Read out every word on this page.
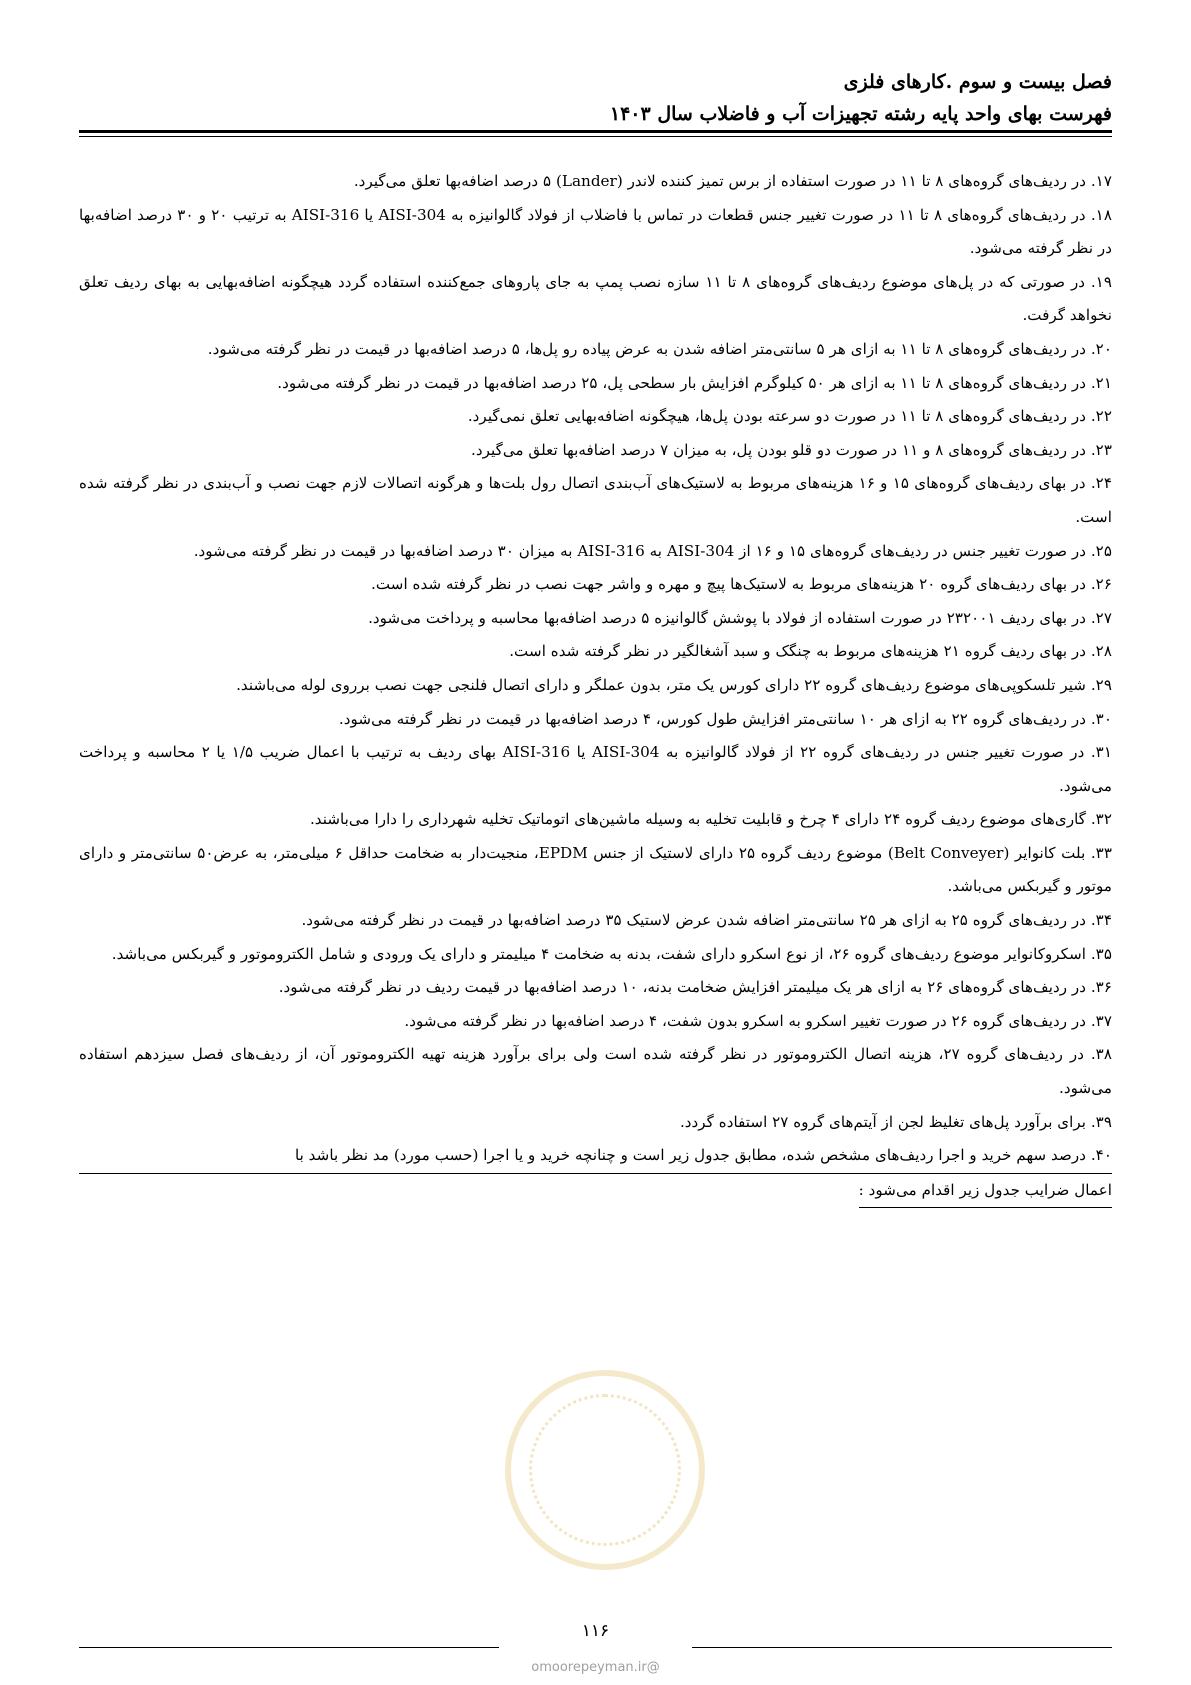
فصل بیست و سوم .کارهای فلزی
فهرست بهای واحد پایه رشته تجهیزات آب و فاضلاب سال ۱۴۰۳
۱۷. در ردیف‌های گروه‌های ۸ تا ۱۱ در صورت استفاده از برس تمیز کننده لاندر (Lander) ۵ درصد اضافه‌بها تعلق می‌گیرد.
۱۸. در ردیف‌های گروه‌های ۸ تا ۱۱ در صورت تغییر جنس قطعات در تماس با فاضلاب از فولاد گالوانیزه به AISI-304 یا AISI-316 به ترتیب ۲۰ و ۳۰ درصد اضافه‌بها در نظر گرفته می‌شود.
۱۹. در صورتی که در پل‌های موضوع ردیف‌های گروه‌های ۸ تا ۱۱ سازه نصب پمپ به جای پاروهای جمع‌کننده استفاده گردد هیچگونه اضافه‌بهایی به بهای ردیف تعلق نخواهد گرفت.
۲۰. در ردیف‌های گروه‌های ۸ تا ۱۱ به ازای هر ۵ سانتی‌متر اضافه شدن به عرض پیاده رو پل‌ها، ۵ درصد اضافه‌بها در قیمت در نظر گرفته می‌شود.
۲۱. در ردیف‌های گروه‌های ۸ تا ۱۱ به ازای هر ۵۰ کیلوگرم افزایش بار سطحی پل، ۲۵ درصد اضافه‌بها در قیمت در نظر گرفته می‌شود.
۲۲. در ردیف‌های گروه‌های ۸ تا ۱۱ در صورت دو سرعته بودن پل‌ها، هیچگونه اضافه‌بهایی تعلق نمی‌گیرد.
۲۳. در ردیف‌های گروه‌های ۸ و ۱۱ در صورت دو قلو بودن پل، به میزان ۷ درصد اضافه‌بها تعلق می‌گیرد.
۲۴. در بهای ردیف‌های گروه‌های ۱۵ و ۱۶ هزینه‌های مربوط به لاستیک‌های آب‌بندی اتصال رول بلت‌ها و هرگونه اتصالات لازم جهت نصب و آب‌بندی در نظر گرفته شده است.
۲۵. در صورت تغییر جنس در ردیف‌های گروه‌های ۱۵ و ۱۶ از AISI-304 به AISI-316 به میزان ۳۰ درصد اضافه‌بها در قیمت در نظر گرفته می‌شود.
۲۶. در بهای ردیف‌های گروه ۲۰ هزینه‌های مربوط به لاستیک‌ها پیچ و مهره و واشر جهت نصب در نظر گرفته شده است.
۲۷. در بهای ردیف ۲۳۲۰۰۱ در صورت استفاده از فولاد با پوشش گالوانیزه ۵ درصد اضافه‌بها محاسبه و پرداخت می‌شود.
۲۸. در بهای ردیف گروه ۲۱ هزینه‌های مربوط به چنگک و سبد آشغالگیر در نظر گرفته شده است.
۲۹. شیر تلسکوپی‌های موضوع ردیف‌های گروه ۲۲ دارای کورس یک متر، بدون عملگر و دارای اتصال فلنجی جهت نصب برروی لوله می‌باشند.
۳۰. در ردیف‌های گروه ۲۲ به ازای هر ۱۰ سانتی‌متر افزایش طول کورس، ۴ درصد اضافه‌بها در قیمت در نظر گرفته می‌شود.
۳۱. در صورت تغییر جنس در ردیف‌های گروه ۲۲ از فولاد گالوانیزه به AISI-304 یا AISI-316 بهای ردیف به ترتیب با اعمال ضریب ۱/۵ یا ۲ محاسبه و پرداخت می‌شود.
۳۲. گاری‌های موضوع ردیف گروه ۲۴ دارای ۴ چرخ و قابلیت تخلیه به وسیله ماشین‌های اتوماتیک تخلیه شهرداری را دارا می‌باشند.
۳۳. بلت کانوایر (Belt Conveyer) موضوع ردیف گروه ۲۵ دارای لاستیک از جنس EPDM، منجیت‌دار به ضخامت حداقل ۶ میلی‌متر، به عرض۵۰ سانتی‌متر و دارای موتور و گیربکس می‌باشد.
۳۴. در ردیف‌های گروه ۲۵ به ازای هر ۲۵ سانتی‌متر اضافه شدن عرض لاستیک ۳۵ درصد اضافه‌بها در قیمت در نظر گرفته می‌شود.
۳۵. اسکروکانوایر موضوع ردیف‌های گروه ۲۶، از نوع اسکرو دارای شفت، بدنه به ضخامت ۴ میلیمتر و دارای یک ورودی و شامل الکتروموتور و گیربکس می‌باشد.
۳۶. در ردیف‌های گروه‌های ۲۶ به ازای هر یک میلیمتر افزایش ضخامت بدنه، ۱۰ درصد اضافه‌بها در قیمت ردیف در نظر گرفته می‌شود.
۳۷. در ردیف‌های گروه ۲۶ در صورت تغییر اسکرو به اسکرو بدون شفت، ۴ درصد اضافه‌بها در نظر گرفته می‌شود.
۳۸. در ردیف‌های گروه ۲۷، هزینه اتصال الکتروموتور در نظر گرفته شده است ولی برای برآورد هزینه تهیه الکتروموتور آن، از ردیف‌های فصل سیزدهم استفاده می‌شود.
۳۹. برای برآورد پل‌های تغلیظ لجن از آیتم‌های گروه ۲۷ استفاده گردد.
۴۰. درصد سهم خرید و اجرا ردیف‌های مشخص شده، مطابق جدول زیر است و چنانچه خرید و یا اجرا (حسب مورد) مد نظر باشد با
اعمال ضرایب جدول زیر اقدام می‌شود :
۱۱۶
@omoorepeyman.ir
